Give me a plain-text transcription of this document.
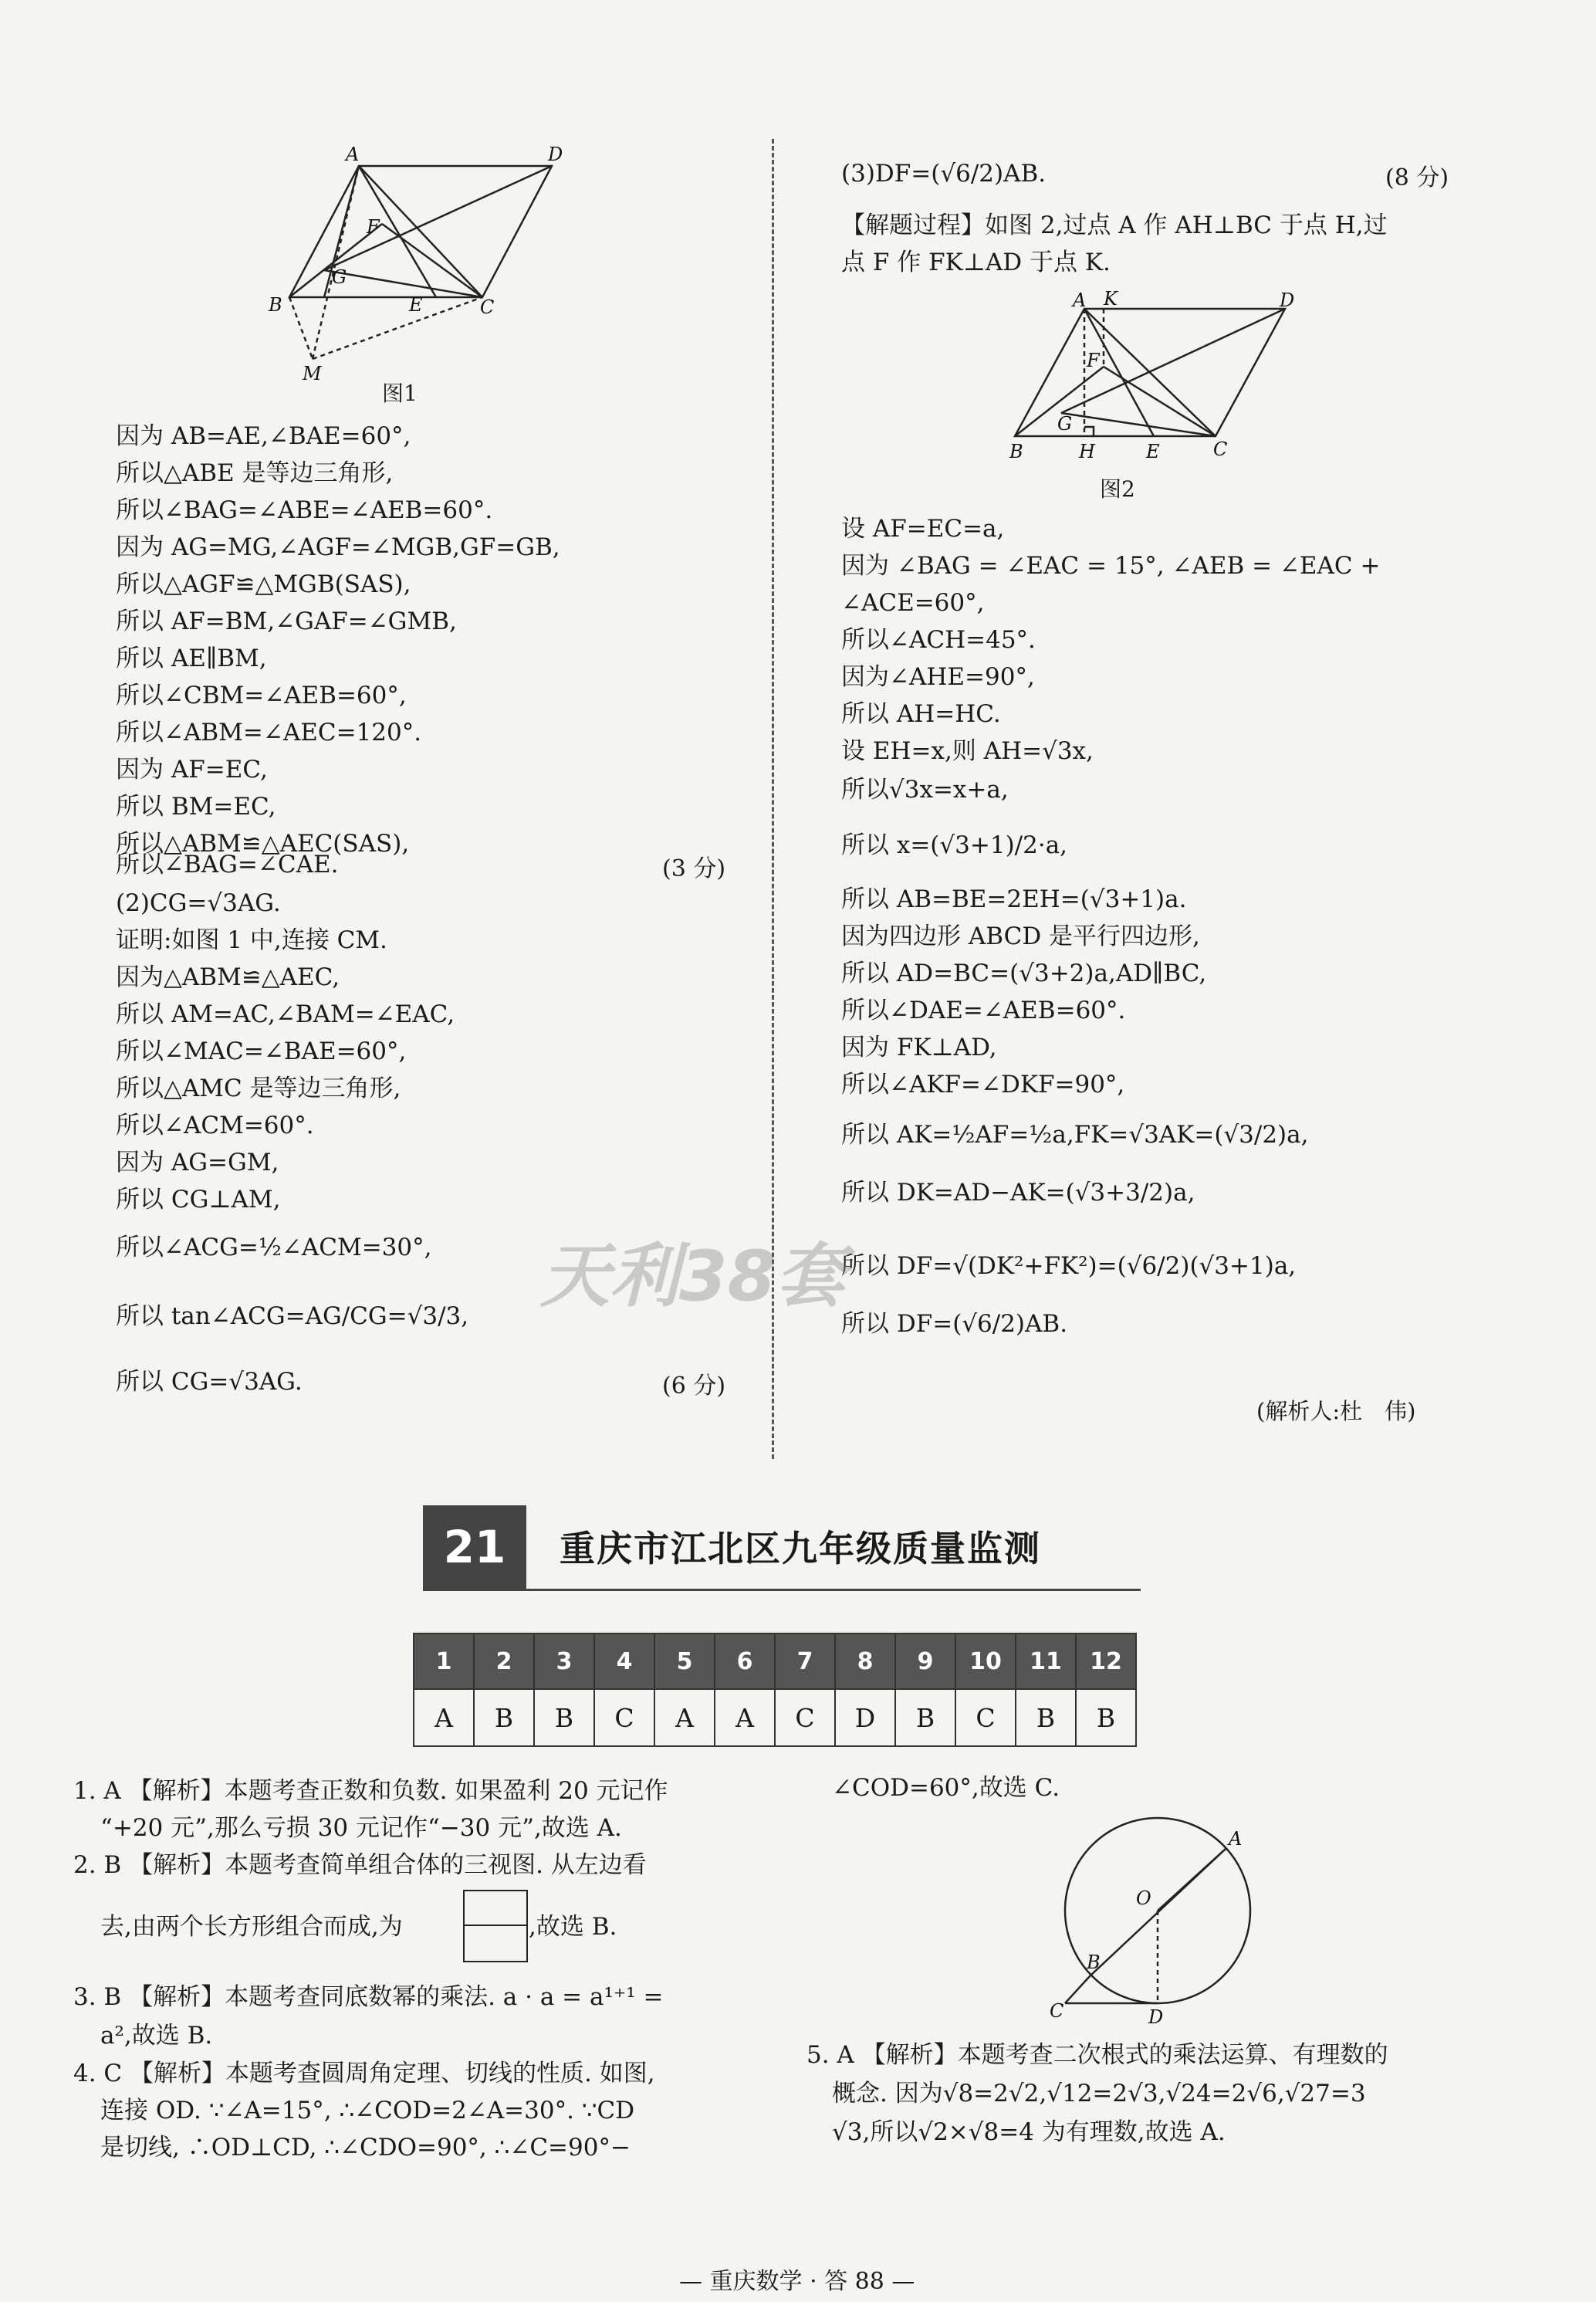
A	D
F
G
B	E	C
M
图1
因为 AB=AE,∠BAE=60°,
所以△ABE 是等边三角形,
所以∠BAG=∠ABE=∠AEB=60°.
因为 AG=MG,∠AGF=∠MGB,GF=GB,
所以△AGF≌△MGB(SAS),
所以 AF=BM,∠GAF=∠GMB,
所以 AE∥BM,
所以∠CBM=∠AEB=60°,
所以∠ABM=∠AEC=120°.
因为 AF=EC,
所以 BM=EC,
所以△ABM≌△AEC(SAS),
所以∠BAG=∠CAE.
(2)CG=√3AG.
证明:如图 1 中,连接 CM.
因为△ABM≌△AEC,
所以 AM=AC,∠BAM=∠EAC,
所以∠MAC=∠BAE=60°,
所以△AMC 是等边三角形,
所以∠ACM=60°.
因为 AG=GM,
所以 CG⊥AM,
所以∠ACG=½∠ACM=30°,
所以 tan∠ACG=AG/CG=√3/3,
所以 CG=√3AG.
(3 分)
(6 分)
(3)DF=(√6/2)AB.	(8 分)
【解题过程】如图 2,过点 A 作 AH⊥BC 于点 H,过
点 F 作 FK⊥AD 于点 K.
A K	D
F
G
B	H	E	C
图2
设 AF=EC=a,
因为 ∠BAG = ∠EAC = 15°, ∠AEB = ∠EAC +
∠ACE=60°,
所以∠ACH=45°.
因为∠AHE=90°,
所以 AH=HC.
设 EH=x,则 AH=√3x,
所以√3x=x+a,
所以 x=(√3+1)/2·a,
所以 AB=BE=2EH=(√3+1)a.
因为四边形 ABCD 是平行四边形,
所以 AD=BC=(√3+2)a,AD∥BC,
所以∠DAE=∠AEB=60°.
因为 FK⊥AD,
所以∠AKF=∠DKF=90°,
所以 AK=½AF=½a,FK=√3AK=(√3/2)a,
所以 DK=AD−AK=(√3+3/2)a,
所以 DF=√(DK²+FK²)=(√6/2)(√3+1)a,
所以 DF=(√6/2)AB.
(解析人:杜　伟)
天利38套
21	重庆市江北区九年级质量监测
1	2	3	4	5	6	7	8	9	10	11	12
A	B	B	C	A	A	C	D	B	C	B	B
1. A 【解析】本题考查正数和负数. 如果盈利 20 元记作
“+20 元”,那么亏损 30 元记作“−30 元”,故选 A.
2. B 【解析】本题考查简单组合体的三视图. 从左边看
去,由两个长方形组合而成,为	,故选 B.
3. B 【解析】本题考查同底数幂的乘法. a · a = a¹⁺¹ =
a²,故选 B.
4. C 【解析】本题考查圆周角定理、切线的性质. 如图,
连接 OD. ∵∠A=15°, ∴∠COD=2∠A=30°. ∵CD
是切线, ∴OD⊥CD, ∴∠CDO=90°, ∴∠C=90°−
∠COD=60°,故选 C.
A
O
B
C	D
5. A 【解析】本题考查二次根式的乘法运算、有理数的
概念. 因为√8=2√2,√12=2√3,√24=2√6,√27=3
√3,所以√2×√8=4 为有理数,故选 A.
— 重庆数学 · 答 88 —
